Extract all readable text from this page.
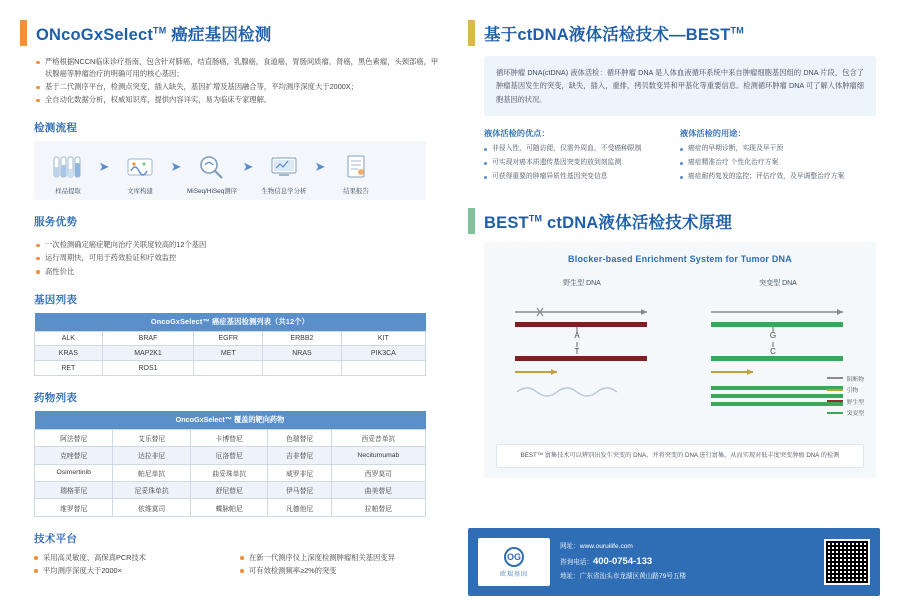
ONcoGxSelect™ 癌症基因检测
严格根据NCCN临床诊疗指南，包含针对肺癌，结直肠癌，乳腺癌，食道癌，胃肠间质瘤，肾癌，黑色素瘤，头颈部癌，甲状腺癌等肿瘤治疗的明确可用的核心基因；
基于二代测序平台，检测点突变，插入缺失，基因扩增及基因融合等，平均测序深度大于2000X；
全自动化数据分析，权威知识库，提供内容详实，易为临床专家理解。
检测流程
样品提取
➤
文库构建
➤
MiSeq/HiSeq测序
➤
生物信息学分析
➤
结果报告
服务优势
一次检测确定癌症靶向治疗关联度较高的12个基因
运行周期快，可用于药效验证和疗效监控
高性价比
基因列表
OncoGxSelect™ 癌症基因检测列表（共12个）				
ALK	BRAF	EGFR	ERBB2	KIT
KRAS	MAP2K1	MET	NRAS	PIK3CA
RET	ROS1			
药物列表
OncoGxSelect™ 覆盖的靶向药物				
阿法替尼	艾乐替尼	卡博替尼	色瑞替尼	西妥昔单抗
克唑替尼	达拉非尼	厄洛替尼	吉非替尼	Necitumumab
Osimertinib	帕尼单抗	曲妥珠单抗	威罗非尼	西罗莫司
瑞格菲尼	尼妥珠单抗	舒尼替尼	伊马替尼	曲美替尼
维罗替尼	依维莫司	蝶脉帕尼	凡德他尼	拉帕替尼
技术平台
采用高灵敏度、高保真PCR技术
平均测序深度大于2000×
在新一代测序仪上深度检测肿瘤相关基因变异
可有效检测频率≥2%的突变
基于ctDNA液体活检技术—BEST™
循环肿瘤 DNA(ctDNA) 液体活检：循环肿瘤 DNA 是人体血液循环系统中来自肿瘤细胞基因组的 DNA 片段，包含了肿瘤基因发生的突变，缺失，插入，重排，拷贝数变异和甲基化等重要信息。检测循环肿瘤 DNA 可了解人体肿瘤细胞基因的状况。
液体活检的优点：
非侵入性，可随访便，仅需外周血，不受癌种限制
可实现对癌本质遗传基因突变的放到刻监测
可获得重要的肿瘤异质性基因突变信息
液体活检的用途：
癌症的早期诊断，实现及早干预
癌症精准治疗 个性化治疗方案
癌症耐药复发的监控；评估疗效，及早调整治疗方案
BEST™ ctDNA液体活检技术原理
Blocker-based Enrichment System for Tumor DNA
野生型 DNA
A
T
突变型 DNA
G
C
阻断物
引物
野生型
突变型
BEST™ 富集技术可以辨别出发生突变的 DNA，并将突变的 DNA 进行富集，从而实现对低丰度突变肿瘤 DNA 的检测
OG
欧瑞基因
网址：www.ouruilife.com
咨询电话：400-0754-133
地址：广东省汕头市龙湖区黄山路79号五楼
